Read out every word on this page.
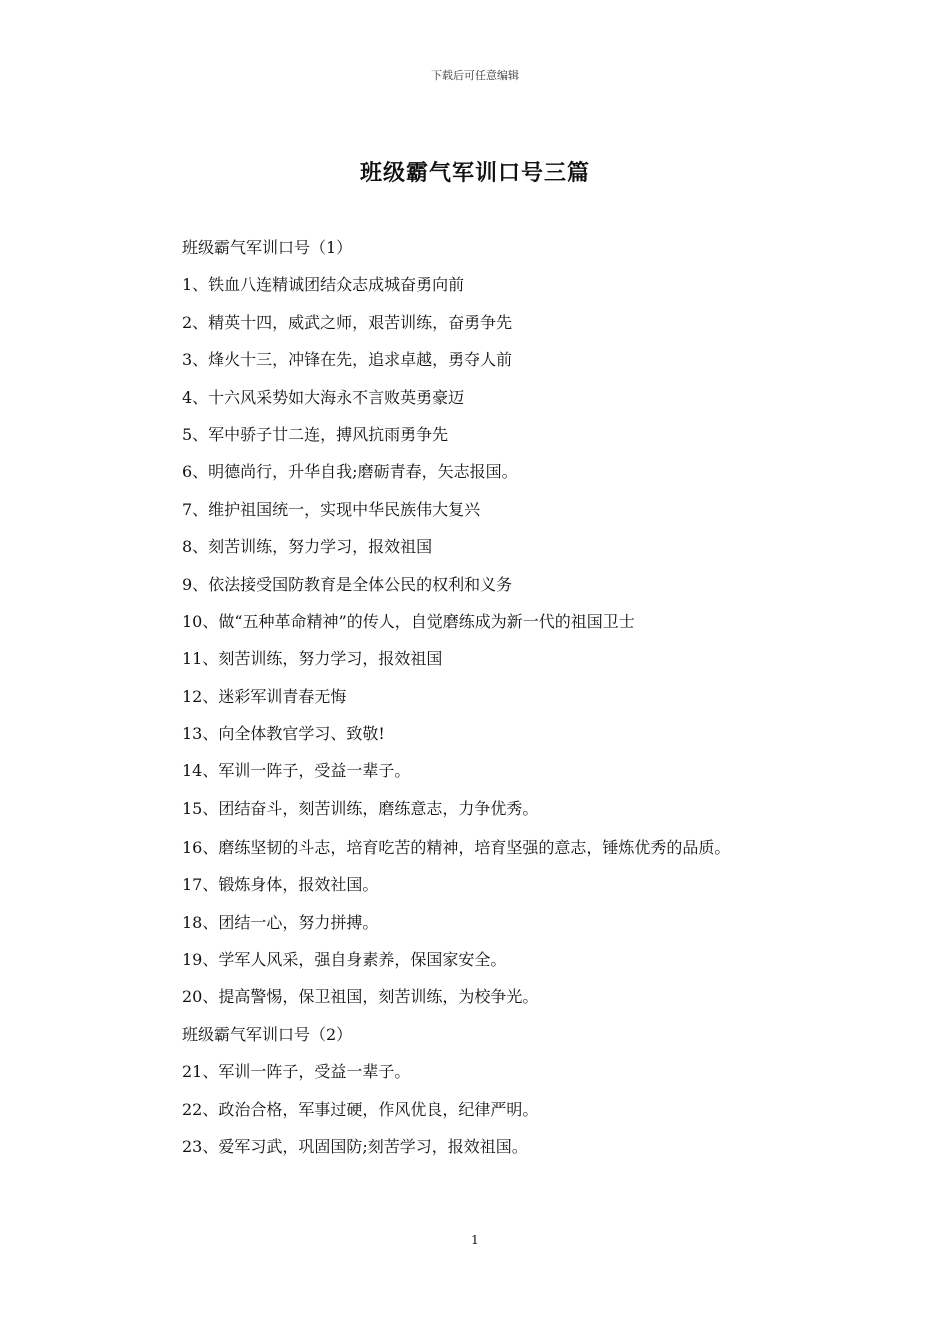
下载后可任意编辑
班级霸气军训口号三篇
班级霸气军训口号（1）
1、铁血八连精诚团结众志成城奋勇向前
2、精英十四，威武之师，艰苦训练，奋勇争先
3、烽火十三，冲锋在先，追求卓越，勇夺人前
4、十六风采势如大海永不言败英勇豪迈
5、军中骄子廿二连，搏风抗雨勇争先
6、明德尚行，升华自我;磨砺青春，矢志报国。
7、维护祖国统一，实现中华民族伟大复兴
8、刻苦训练，努力学习，报效祖国
9、依法接受国防教育是全体公民的权利和义务
10、做“五种革命精神”的传人，自觉磨练成为新一代的祖国卫士
11、刻苦训练，努力学习，报效祖国
12、迷彩军训青春无悔
13、向全体教官学习、致敬!
14、军训一阵子，受益一辈子。
15、团结奋斗，刻苦训练，磨练意志，力争优秀。
16、磨练坚韧的斗志，培育吃苦的精神，培育坚强的意志，锤炼优秀的品质。
17、锻炼身体，报效社国。
18、团结一心，努力拼搏。
19、学军人风采，强自身素养，保国家安全。
20、提高警惕，保卫祖国，刻苦训练，为校争光。
班级霸气军训口号（2）
21、军训一阵子，受益一辈子。
22、政治合格，军事过硬，作风优良，纪律严明。
23、爱军习武，巩固国防;刻苦学习，报效祖国。
1
